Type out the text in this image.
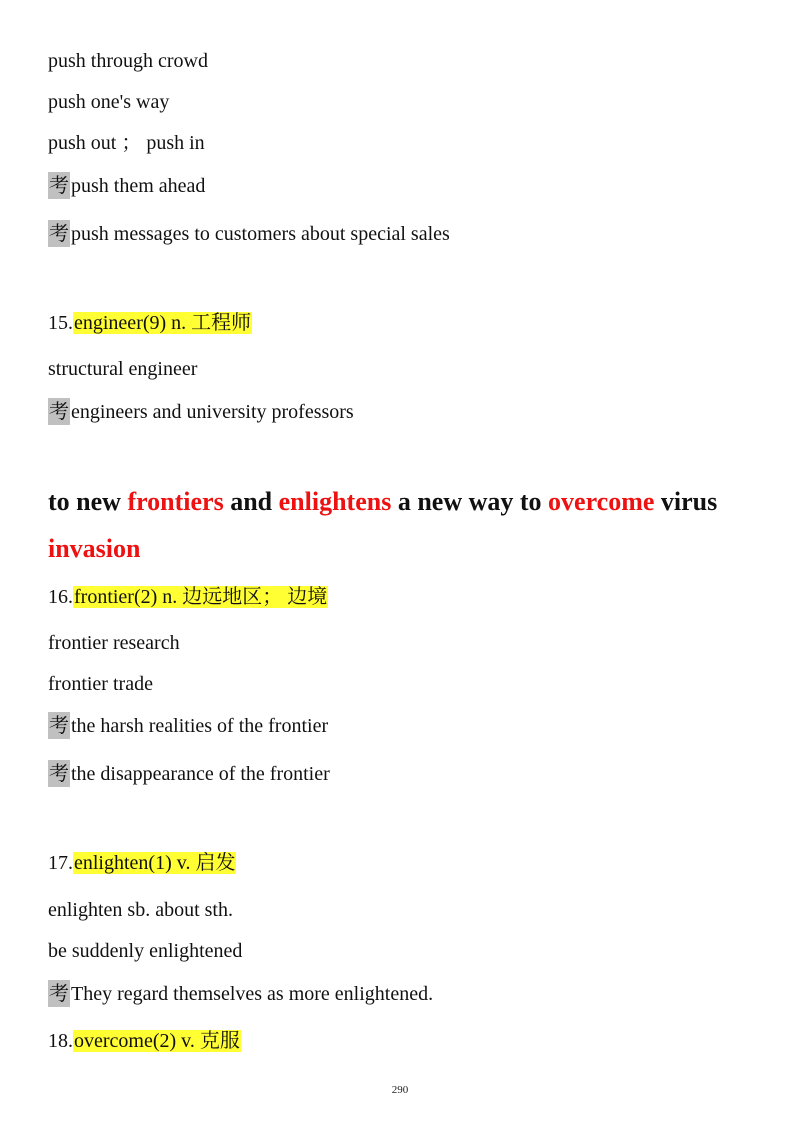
push through crowd

push one's way

push out ； push in

考 push them ahead

考 push messages to customers about special sales

15.engineer(9) n. 工程师

structural engineer

考 engineers and university professors

to new frontiers and enlightens a new way to overcome virus

invasion

16.frontier(2) n. 边远地区； 边境

frontier research

frontier trade

考 the harsh realities of the frontier

考 the disappearance of the frontier

17.enlighten(1) v. 启发

enlighten sb. about sth.

be suddenly enlightened

考 They regard themselves as more enlightened.

18.overcome(2) v. 克服

290
